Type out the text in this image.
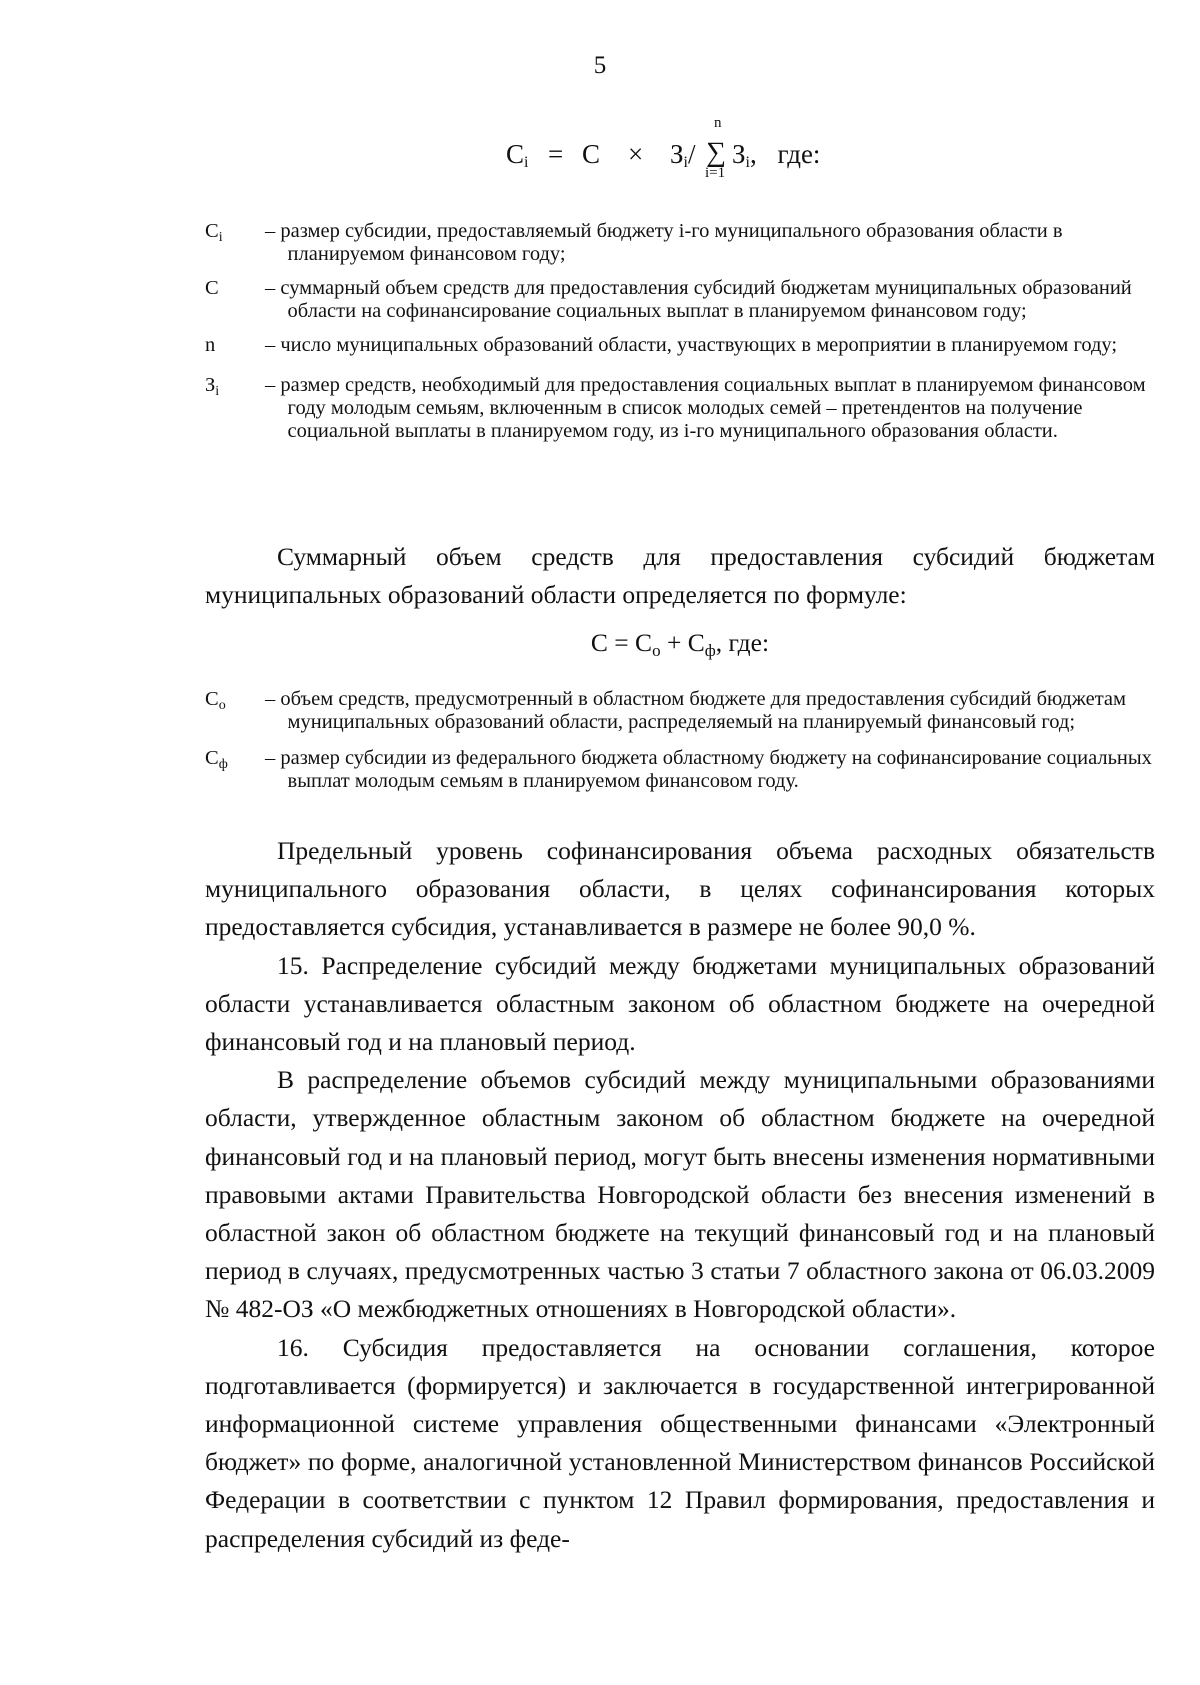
5
Ci = C × Зi/
n
∑
i=1
Зi, где:
$C_i$	– размер субсидии, предоставляемый бюджету i-го муниципального образования области в планируемом финансовом году;
C	– суммарный объем средств для предоставления субсидий бюджетам муниципальных образований области на софинансирование социальных выплат в планируемом финансовом году;
n	– число муниципальных образований области, участвующих в мероприятии в планируемом году;
$З_i$	– размер средств, необходимый для предоставления социальных выплат в планируемом финансовом году молодым семьям, включенным в список молодых семей – претендентов на получение социальной выплаты в планируемом году, из i-го муниципального образования области.

Суммарный объем средств для предоставления субсидий бюджетам муниципальных образований области определяется по формуле:

C = Cо + Cф, где:
$C_о$	– объем средств, предусмотренный в областном бюджете для предоставления субсидий бюджетам муниципальных образований области, распределяемый на планируемый финансовый год;
$C_ф$	– размер субсидии из федерального бюджета областному бюджету на софинансирование социальных выплат молодым семьям в планируемом финансовом году.

Предельный уровень софинансирования объема расходных обязательств муниципального образования области, в целях софинансирования которых предоставляется субсидия, устанавливается в размере не более 90,0 %.

15. Распределение субсидий между бюджетами муниципальных образований области устанавливается областным законом об областном бюджете на очередной финансовый год и на плановый период.

В распределение объемов субсидий между муниципальными образованиями области, утвержденное областным законом об областном бюджете на очередной финансовый год и на плановый период, могут быть внесены изменения нормативными правовыми актами Правительства Новгородской области без внесения изменений в областной закон об областном бюджете на текущий финансовый год и на плановый период в случаях, предусмотренных частью 3 статьи 7 областного закона от 06.03.2009 № 482-ОЗ «О межбюджетных отношениях в Новгородской области».

16. Субсидия предоставляется на основании соглашения, которое подготавливается (формируется) и заключается в государственной интегрированной информационной системе управления общественными финансами «Электронный бюджет» по форме, аналогичной установленной Министерством финансов Российской Федерации в соответствии с пунктом 12 Правил формирования, предоставления и распределения субсидий из феде-
